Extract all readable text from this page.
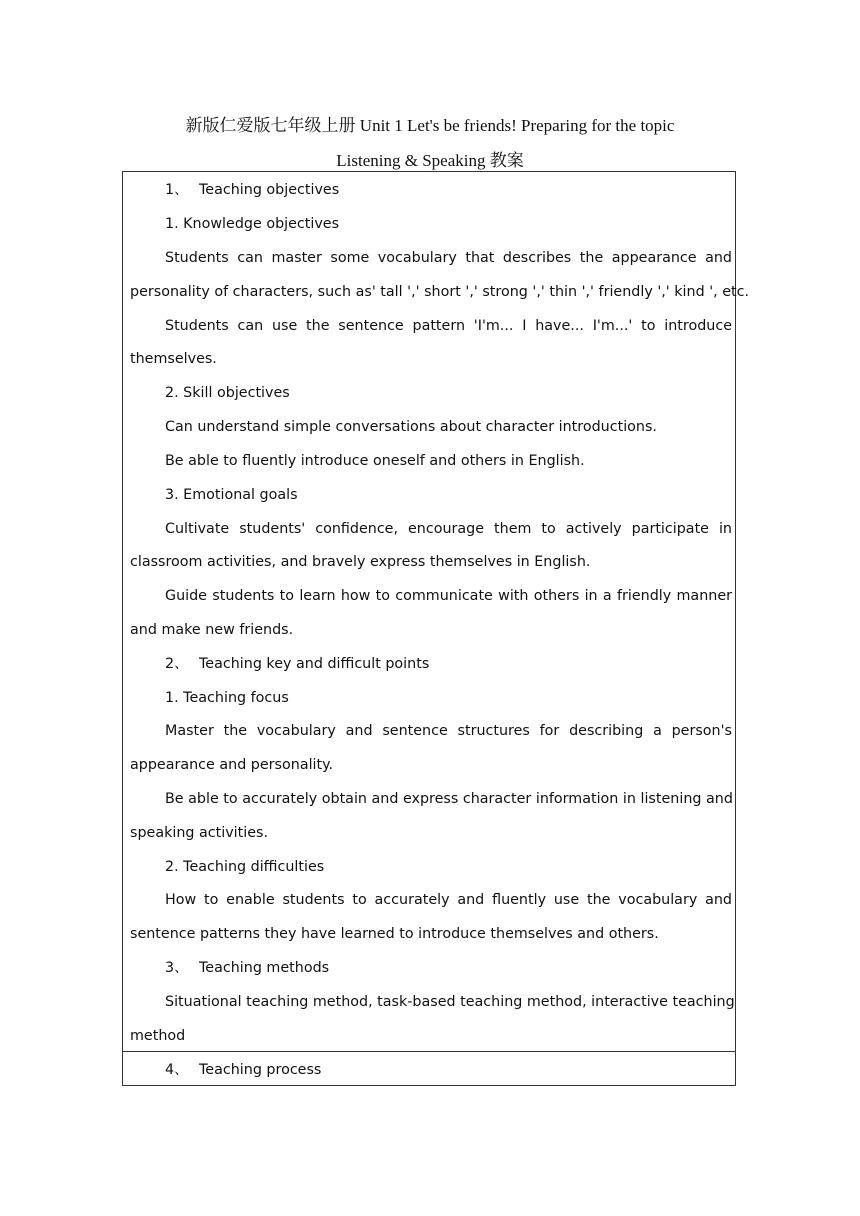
新版仁爱版七年级上册 Unit 1 Let's be friends! Preparing for the topic
Listening & Speaking 教案
1、 Teaching objectives
1. Knowledge objectives
Students can master some vocabulary that describes the appearance and
personality of characters, such as' tall ',' short ',' strong ',' thin ',' friendly ',' kind ', etc.
Students can use the sentence pattern 'I'm... I have... I'm...' to introduce
themselves.
2. Skill objectives
Can understand simple conversations about character introductions.
Be able to fluently introduce oneself and others in English.
3. Emotional goals
Cultivate students' confidence, encourage them to actively participate in
classroom activities, and bravely express themselves in English.
Guide students to learn how to communicate with others in a friendly manner
and make new friends.
2、 Teaching key and difficult points
1. Teaching focus
Master the vocabulary and sentence structures for describing a person's
appearance and personality.
Be able to accurately obtain and express character information in listening and
speaking activities.
2. Teaching difficulties
How to enable students to accurately and fluently use the vocabulary and
sentence patterns they have learned to introduce themselves and others.
3、 Teaching methods
Situational teaching method, task-based teaching method, interactive teaching
method
4、 Teaching process
